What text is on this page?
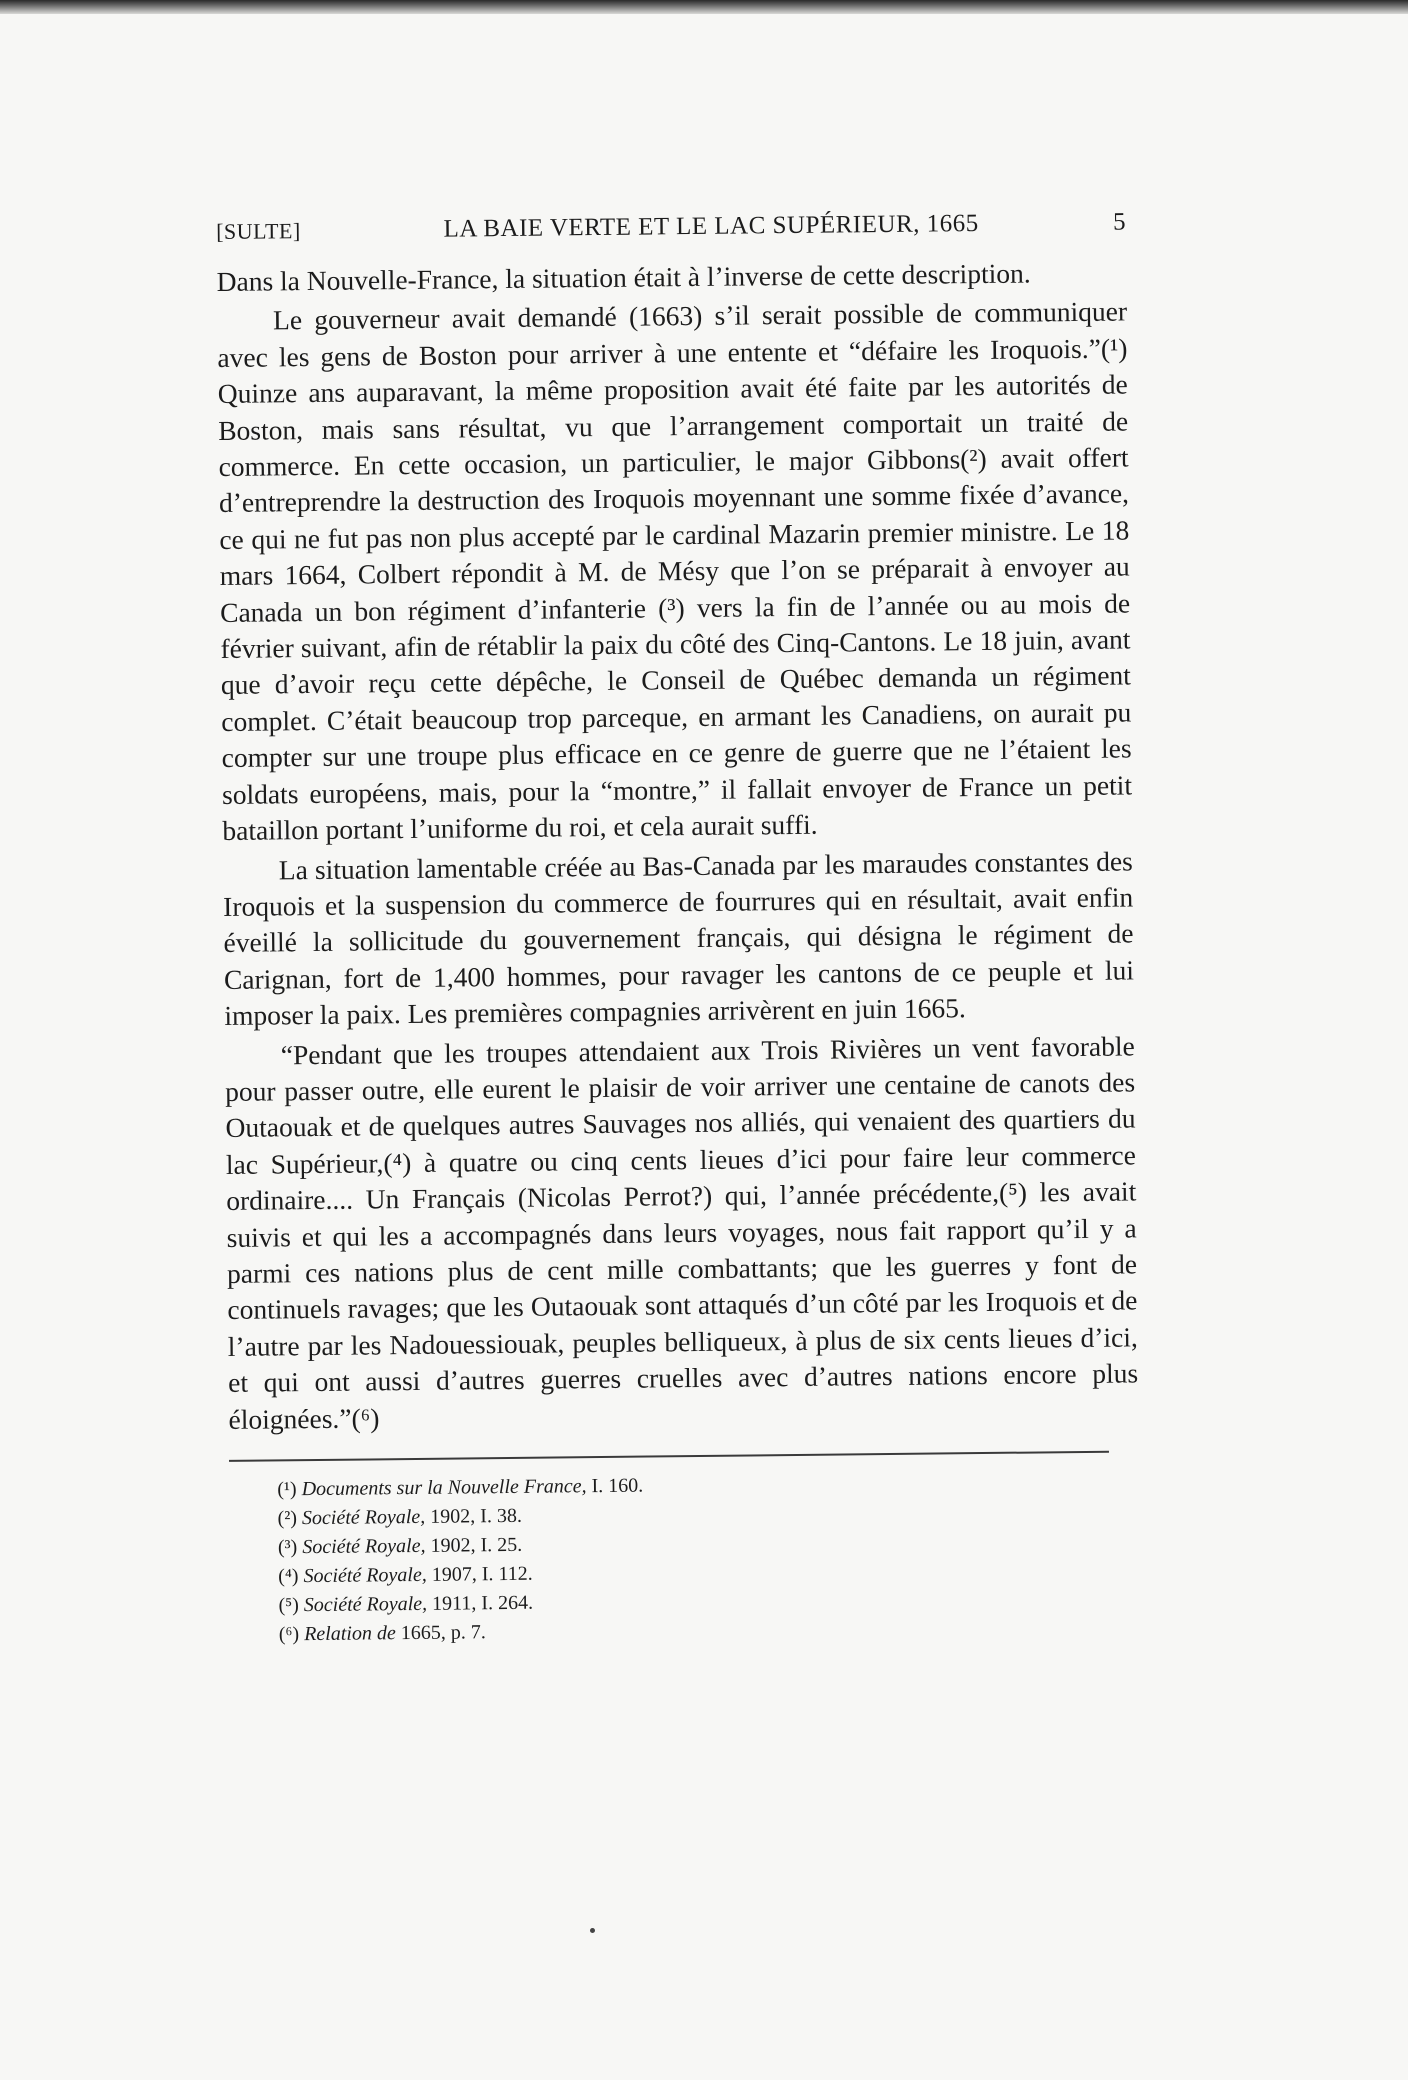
[SULTE]	LA BAIE VERTE ET LE LAC SUPÉRIEUR, 1665	5

Dans la Nouvelle-France, la situation était à l’inverse de cette description.

Le gouverneur avait demandé (1663) s’il serait possible de communiquer avec les gens de Boston pour arriver à une entente et “défaire les Iroquois.”(¹) Quinze ans auparavant, la même proposition avait été faite par les autorités de Boston, mais sans résultat, vu que l’arrangement comportait un traité de commerce. En cette occasion, un particulier, le major Gibbons(²) avait offert d’entreprendre la destruction des Iroquois moyennant une somme fixée d’avance, ce qui ne fut pas non plus accepté par le cardinal Mazarin premier ministre. Le 18 mars 1664, Colbert répondit à M. de Mésy que l’on se préparait à envoyer au Canada un bon régiment d’infanterie (³) vers la fin de l’année ou au mois de février suivant, afin de rétablir la paix du côté des Cinq-Cantons. Le 18 juin, avant que d’avoir reçu cette dépêche, le Conseil de Québec demanda un régiment complet. C’était beaucoup trop parceque, en armant les Canadiens, on aurait pu compter sur une troupe plus efficace en ce genre de guerre que ne l’étaient les soldats européens, mais, pour la “montre,” il fallait envoyer de France un petit bataillon portant l’uniforme du roi, et cela aurait suffi.

La situation lamentable créée au Bas-Canada par les maraudes constantes des Iroquois et la suspension du commerce de fourrures qui en résultait, avait enfin éveillé la sollicitude du gouvernement français, qui désigna le régiment de Carignan, fort de 1,400 hommes, pour ravager les cantons de ce peuple et lui imposer la paix. Les premières compagnies arrivèrent en juin 1665.

“Pendant que les troupes attendaient aux Trois Rivières un vent favorable pour passer outre, elle eurent le plaisir de voir arriver une centaine de canots des Outaouak et de quelques autres Sauvages nos alliés, qui venaient des quartiers du lac Supérieur,(⁴) à quatre ou cinq cents lieues d’ici pour faire leur commerce ordinaire.... Un Français (Nicolas Perrot?) qui, l’année précédente,(⁵) les avait suivis et qui les a accompagnés dans leurs voyages, nous fait rapport qu’il y a parmi ces nations plus de cent mille combattants; que les guerres y font de continuels ravages; que les Outaouak sont attaqués d’un côté par les Iroquois et de l’autre par les Nadouessiouak, peuples belliqueux, à plus de six cents lieues d’ici, et qui ont aussi d’autres guerres cruelles avec d’autres nations encore plus éloignées.”(⁶)

(¹) Documents sur la Nouvelle France, I. 160.
(²) Société Royale, 1902, I. 38.
(³) Société Royale, 1902, I. 25.
(⁴) Société Royale, 1907, I. 112.
(⁵) Société Royale, 1911, I. 264.
(⁶) Relation de 1665, p. 7.
